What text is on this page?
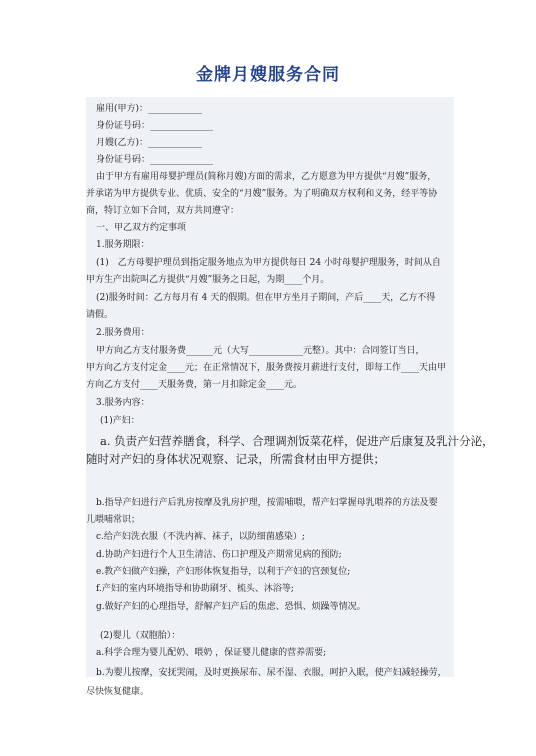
金牌月嫂服务合同
雇用(甲方)：____________
身份证号码：______________
月嫂(乙方)：____________
身份证号码：______________
由于甲方有雇用母婴护理员(简称月嫂)方面的需求，乙方愿意为甲方提供“月嫂”服务，
并承诺为甲方提供专业、优质、安全的“月嫂”服务。为了明确双方权利和义务，经平等协
商，特订立如下合同，双方共同遵守：
一、甲乙双方约定事项
1.服务期限：
(1)　乙方母婴护理员到指定服务地点为甲方提供每日 24 小时母婴护理服务，时间从自
甲方生产出院叫乙方提供“月嫂”服务之日起，为期____个月。
(2)服务时间：乙方每月有 4 天的假期。但在甲方坐月子期间，产后____天，乙方不得
请假。
2.服务费用：
甲方向乙方支付服务费______元（大写____________元整）。其中：合同签订当日，
甲方向乙方支付定金____元；在正常情况下，服务费按月薪进行支付，即每工作____天由甲
方向乙方支付____天服务费，第一月扣除定金____元。
3.服务内容：
(1)产妇：
a. 负责产妇营养膳食，科学、合理调剂饭菜花样，促进产后康复及乳汁分泌，
随时对产妇的身体状况观察、记录，所需食材由甲方提供；
b.指导产妇进行产后乳房按摩及乳房护理，按需哺喂，帮产妇掌握母乳喂养的方法及婴
儿喂哺常识；
c.给产妇洗衣服（不洗内裤、袜子，以防细菌感染）;
d.协助产妇进行个人卫生清洁、伤口护理及产期常见病的预防;
e.教产妇做产妇操，产妇形体恢复指导，以利于产妇的宫颈复位;
f.产妇的室内环境指导和协助刷牙、梳头、沐浴等;
g.做好产妇的心理指导，舒解产妇产后的焦虑、恐惧、烦躁等情况。
(2)婴儿（双胞胎）：
a.科学合理为婴儿配奶、喂奶 ，保证婴儿健康的营养需要;
b.为婴儿按摩，安抚哭闹，及时更换尿布、尿不湿、衣服，呵护入眠，使产妇减轻操劳，
尽快恢复健康。
